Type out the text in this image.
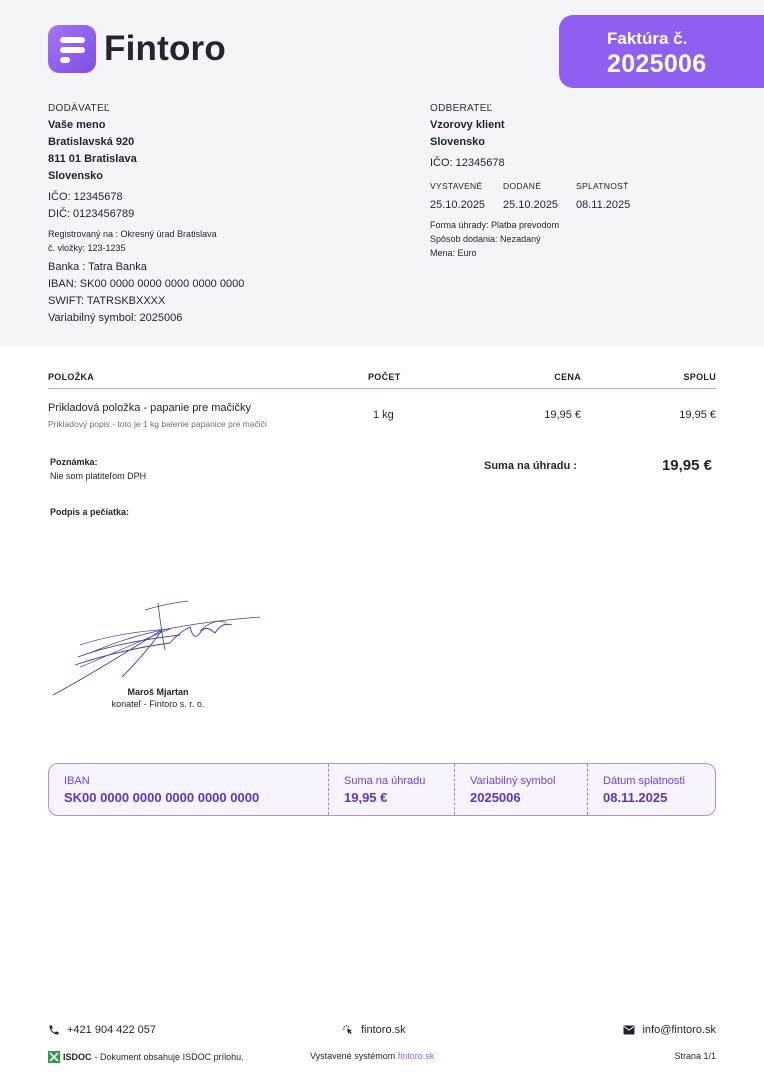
Fintoro	Faktúra č.
2025006
DODÁVATEĽ
Vaše meno
Bratislavská 920
811 01 Bratislava
Slovensko
IČO: 12345678
DIČ: 0123456789
Registrovaný na : Okresný úrad Bratislava
č. vložky: 123-1235
Banka : Tatra Banka
IBAN: SK00 0000 0000 0000 0000 0000
SWIFT: TATRSKBXXXX
Variabilný symbol: 2025006
ODBERATEĽ
Vzorovy klient
Slovensko
IČO: 12345678
VYSTAVENÉ
25.10.2025
DODANÉ
25.10.2025
SPLATNOSŤ
08.11.2025
Forma úhrady: Platba prevodom
Spôsob dodania: Nezadaný
Mena: Euro
POLOŽKA	POČET	CENA	SPOLU
Prikladová položka - papanie pre mačičky
Prikladový popis - toto je 1 kg balenie papanice pre mačiči
1 kg	19,95 €	19,95 €
Poznámka:
Nie som platiteľom DPH
Suma na úhradu :	19,95 €
Podpis a pečiatka:
Maroš Mjartan
konateľ - Fintoro s. r. o.
IBAN
SK00 0000 0000 0000 0000 0000
Suma na úhradu
19,95 €
Variabilný symbol
2025006
Dátum splatnosti
08.11.2025
+421 904 422 057	fintoro.sk	info@fintoro.sk
ISDOC - Dokument obsahuje ISDOC prílohu.	Vystavené systémom
fintoro.sk	Strana 1/1
